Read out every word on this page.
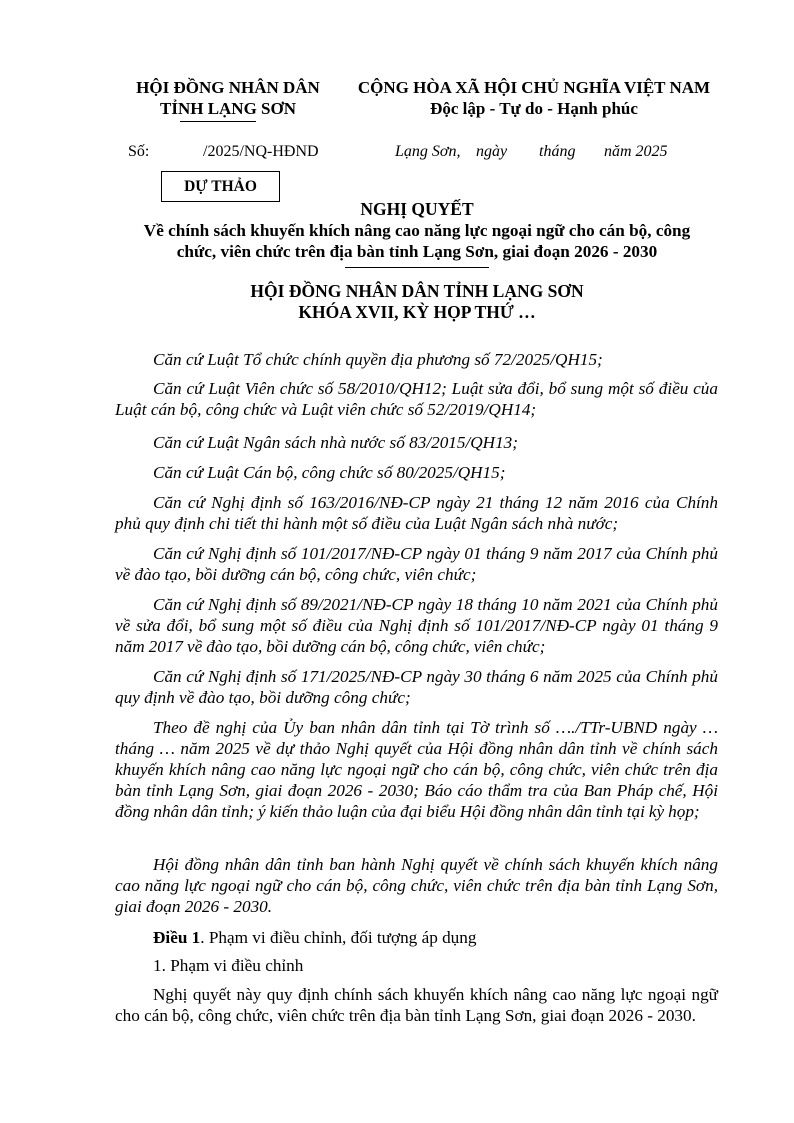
HỘI ĐỒNG NHÂN DÂN
TỈNH LẠNG SƠN
CỘNG HÒA XÃ HỘI CHỦ NGHĨA VIỆT NAM
Độc lập - Tự do - Hạnh phúc
Số:	/2025/NQ-HĐND	Lạng Sơn, ngày tháng năm 2025
DỰ THẢO
NGHỊ QUYẾT
Về chính sách khuyến khích nâng cao năng lực ngoại ngữ cho cán bộ, công
chức, viên chức trên địa bàn tỉnh Lạng Sơn, giai đoạn 2026 - 2030
HỘI ĐỒNG NHÂN DÂN TỈNH LẠNG SƠN
KHÓA XVII, KỲ HỌP THỨ …
Căn cứ Luật Tổ chức chính quyền địa phương số 72/2025/QH15;
Căn cứ Luật Viên chức số 58/2010/QH12; Luật sửa đổi, bổ sung một số điều của Luật cán bộ, công chức và Luật viên chức số 52/2019/QH14;
Căn cứ Luật Ngân sách nhà nước số 83/2015/QH13;
Căn cứ Luật Cán bộ, công chức số 80/2025/QH15;
Căn cứ Nghị định số 163/2016/NĐ-CP ngày 21 tháng 12 năm 2016 của Chính phủ quy định chi tiết thi hành một số điều của Luật Ngân sách nhà nước;
Căn cứ Nghị định số 101/2017/NĐ-CP ngày 01 tháng 9 năm 2017 của Chính phủ về đào tạo, bồi dưỡng cán bộ, công chức, viên chức;
Căn cứ Nghị định số 89/2021/NĐ-CP ngày 18 tháng 10 năm 2021 của Chính phủ về sửa đổi, bổ sung một số điều của Nghị định số 101/2017/NĐ-CP ngày 01 tháng 9 năm 2017 về đào tạo, bồi dưỡng cán bộ, công chức, viên chức;
Căn cứ Nghị định số 171/2025/NĐ-CP ngày 30 tháng 6 năm 2025 của Chính phủ quy định về đào tạo, bồi dưỡng công chức;
Theo đề nghị của Ủy ban nhân dân tỉnh tại Tờ trình số …./TTr-UBND ngày … tháng … năm 2025 về dự thảo Nghị quyết của Hội đồng nhân dân tỉnh về chính sách khuyến khích nâng cao năng lực ngoại ngữ cho cán bộ, công chức, viên chức trên địa bàn tỉnh Lạng Sơn, giai đoạn 2026 - 2030; Báo cáo thẩm tra của Ban Pháp chế, Hội đồng nhân dân tỉnh; ý kiến thảo luận của đại biểu Hội đồng nhân dân tỉnh tại kỳ họp;
Hội đồng nhân dân tỉnh ban hành Nghị quyết về chính sách khuyến khích nâng cao năng lực ngoại ngữ cho cán bộ, công chức, viên chức trên địa bàn tỉnh Lạng Sơn, giai đoạn 2026 - 2030.
Điều 1. Phạm vi điều chỉnh, đối tượng áp dụng
1. Phạm vi điều chỉnh
Nghị quyết này quy định chính sách khuyến khích nâng cao năng lực ngoại ngữ cho cán bộ, công chức, viên chức trên địa bàn tỉnh Lạng Sơn, giai đoạn 2026 - 2030.
